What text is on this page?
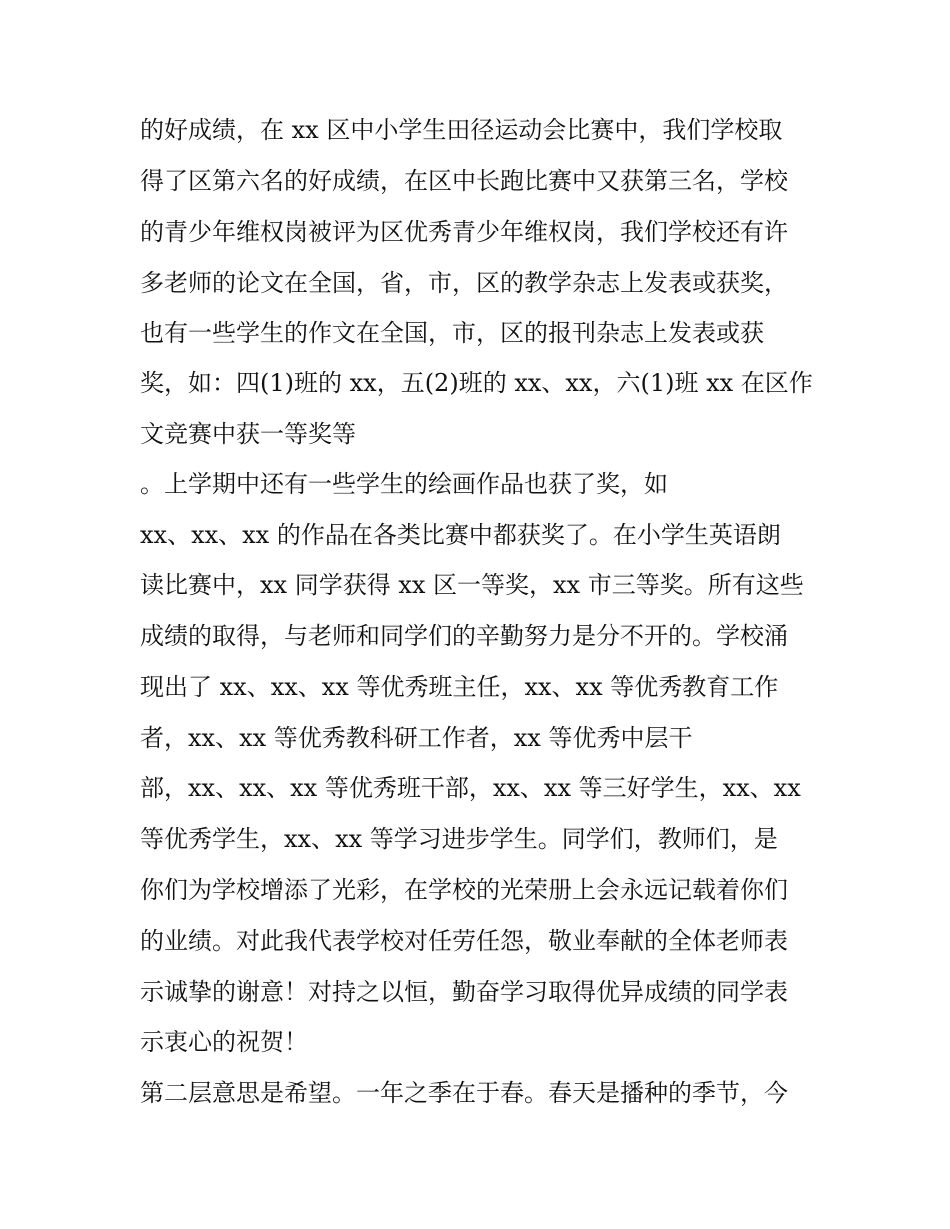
的好成绩，在 xx 区中小学生田径运动会比赛中，我们学校取
得了区第六名的好成绩，在区中长跑比赛中又获第三名，学校
的青少年维权岗被评为区优秀青少年维权岗，我们学校还有许
多老师的论文在全国，省，市，区的教学杂志上发表或获奖，
也有一些学生的作文在全国，市，区的报刊杂志上发表或获
奖，如：四(1)班的 xx，五(2)班的 xx、xx，六(1)班 xx 在区作
文竞赛中获一等奖等
。上学期中还有一些学生的绘画作品也获了奖，如
xx、xx、xx 的作品在各类比赛中都获奖了。在小学生英语朗
读比赛中，xx 同学获得 xx 区一等奖，xx 市三等奖。所有这些
成绩的取得，与老师和同学们的辛勤努力是分不开的。学校涌
现出了 xx、xx、xx 等优秀班主任，xx、xx 等优秀教育工作
者，xx、xx 等优秀教科研工作者，xx 等优秀中层干
部，xx、xx、xx 等优秀班干部，xx、xx 等三好学生，xx、xx
等优秀学生，xx、xx 等学习进步学生。同学们，教师们，是
你们为学校增添了光彩，在学校的光荣册上会永远记载着你们
的业绩。对此我代表学校对任劳任怨，敬业奉献的全体老师表
示诚挚的谢意！对持之以恒，勤奋学习取得优异成绩的同学表
示衷心的祝贺！
第二层意思是希望。一年之季在于春。春天是播种的季节，今
